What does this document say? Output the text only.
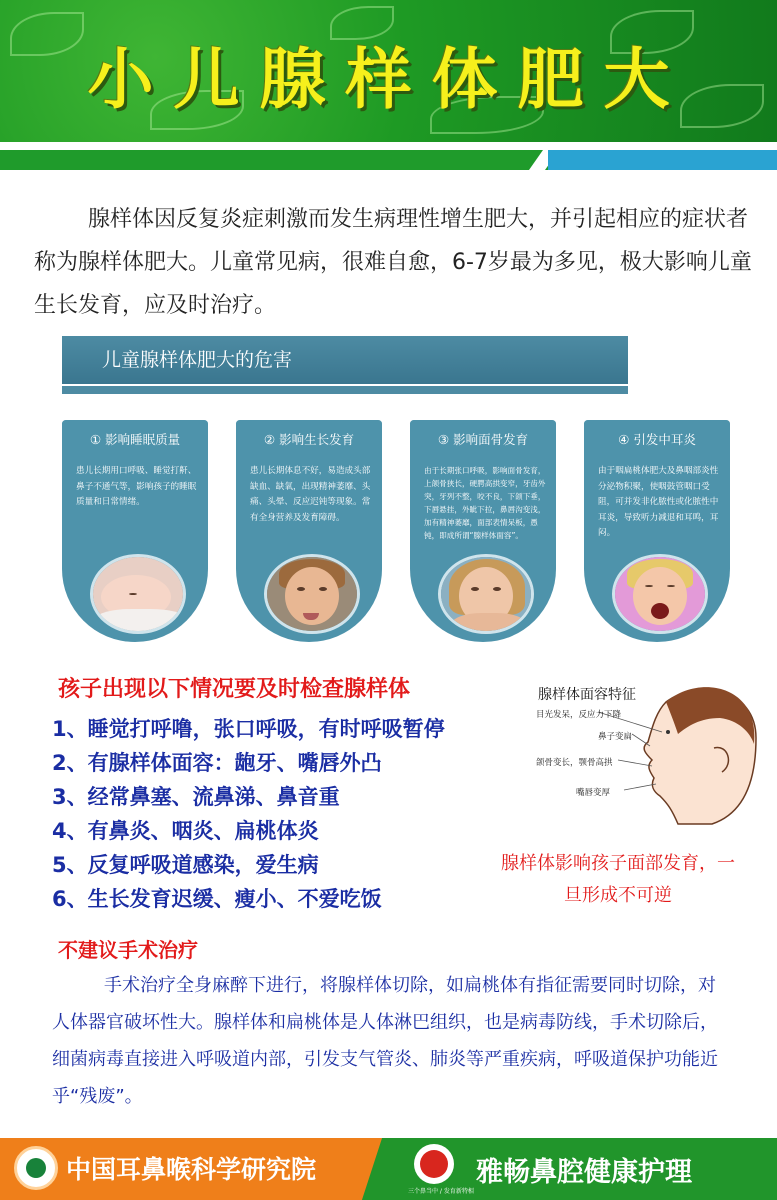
小儿腺样体肥大
腺样体因反复炎症刺激而发生病理性增生肥大，并引起相应的症状者称为腺样体肥大。儿童常见病，很难自愈，6-7岁最为多见，极大影响儿童生长发育，应及时治疗。
儿童腺样体肥大的危害
① 影响睡眠质量
患儿长期用口呼吸、睡觉打鼾、鼻子不通气等，影响孩子的睡眠质量和日常情绪。
② 影响生长发育
患儿长期体息不好，易造成头部缺血、缺氧，出现精神萎靡、头痛、头晕、反应迟钝等现象。常有全身营养及发育障碍。
③ 影响面骨发育
由于长期张口呼吸，影响面骨发育，上颌骨狭长，硬腭高拱变窄，牙齿外突，牙列不整，咬不良，下颌下垂，下唇悬挂，外眦下拉，鼻唇沟变浅，加有精神萎靡，面部表情呆板，愚钝，即成所谓“腺样体面容”。
④ 引发中耳炎
由于咽扁桃体肥大及鼻咽部炎性分泌物积聚，使咽鼓管咽口受阻，可并发非化脓性或化脓性中耳炎，导致听力减退和耳鸣，耳闷。
孩子出现以下情况要及时检查腺样体
1、睡觉打呼噜，张口呼吸，有时呼吸暂停
2、有腺样体面容：龅牙、嘴唇外凸
3、经常鼻塞、流鼻涕、鼻音重
4、有鼻炎、咽炎、扁桃体炎
5、反复呼吸道感染，爱生病
6、生长发育迟缓、瘦小、不爱吃饭
腺样体面容特征
目光发呆，反应力下降
鼻子变扁
颌骨变长，颚骨高拱
嘴唇变厚
腺样体影响孩子面部发育，一旦形成不可逆
不建议手术治疗
手术治疗全身麻醉下进行，将腺样体切除，如扁桃体有指征需要同时切除，对人体器官破坏性大。腺样体和扁桃体是人体淋巴组织，也是病毒防线，手术切除后，细菌病毒直接进入呼吸道内部，引发支气管炎、肺炎等严重疾病，呼吸道保护功能近乎“残废”。
中国耳鼻喉科学研究院
三个鼻当中 / 发育新特相
雅畅鼻腔健康护理
